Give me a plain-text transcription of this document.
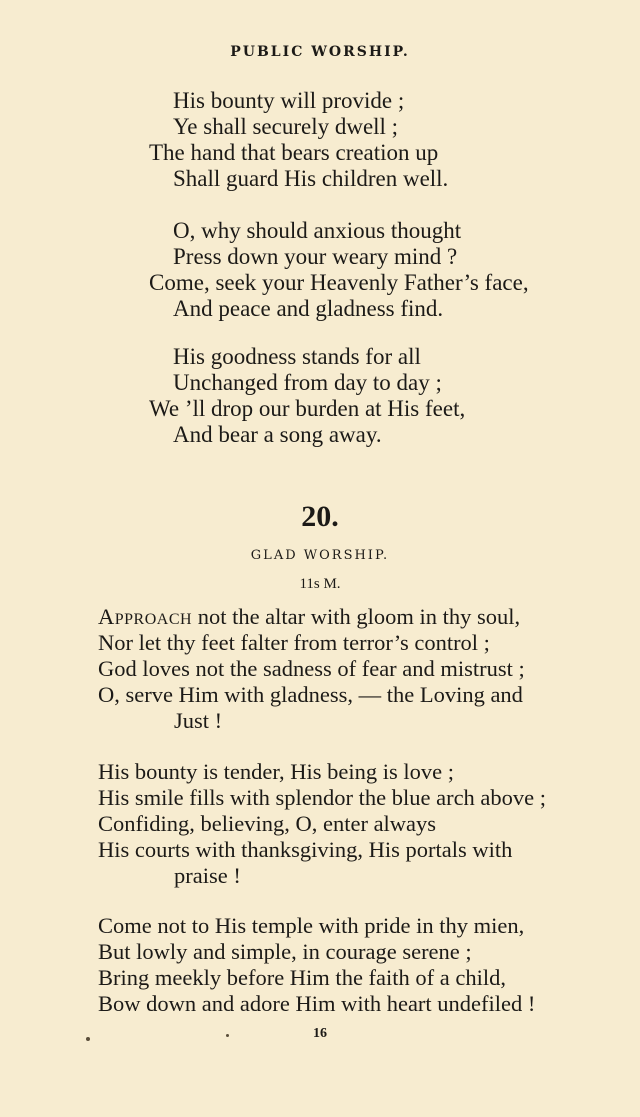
PUBLIC WORSHIP.
His bounty will provide ;
Ye shall securely dwell ;
The hand that bears creation up
Shall guard His children well.
O, why should anxious thought
Press down your weary mind ?
Come, seek your Heavenly Father’s face,
And peace and gladness find.
His goodness stands for all
Unchanged from day to day ;
We ’ll drop our burden at His feet,
And bear a song away.
20.
GLAD WORSHIP.
11s M.
Approach not the altar with gloom in thy soul,
Nor let thy feet falter from terror’s control ;
God loves not the sadness of fear and mistrust ;
O, serve Him with gladness, — the Loving and
Just !
His bounty is tender, His being is love ;
His smile fills with splendor the blue arch above ;
Confiding, believing, O, enter always
His courts with thanksgiving, His portals with
praise !
Come not to His temple with pride in thy mien,
But lowly and simple, in courage serene ;
Bring meekly before Him the faith of a child,
Bow down and adore Him with heart undefiled !
16
